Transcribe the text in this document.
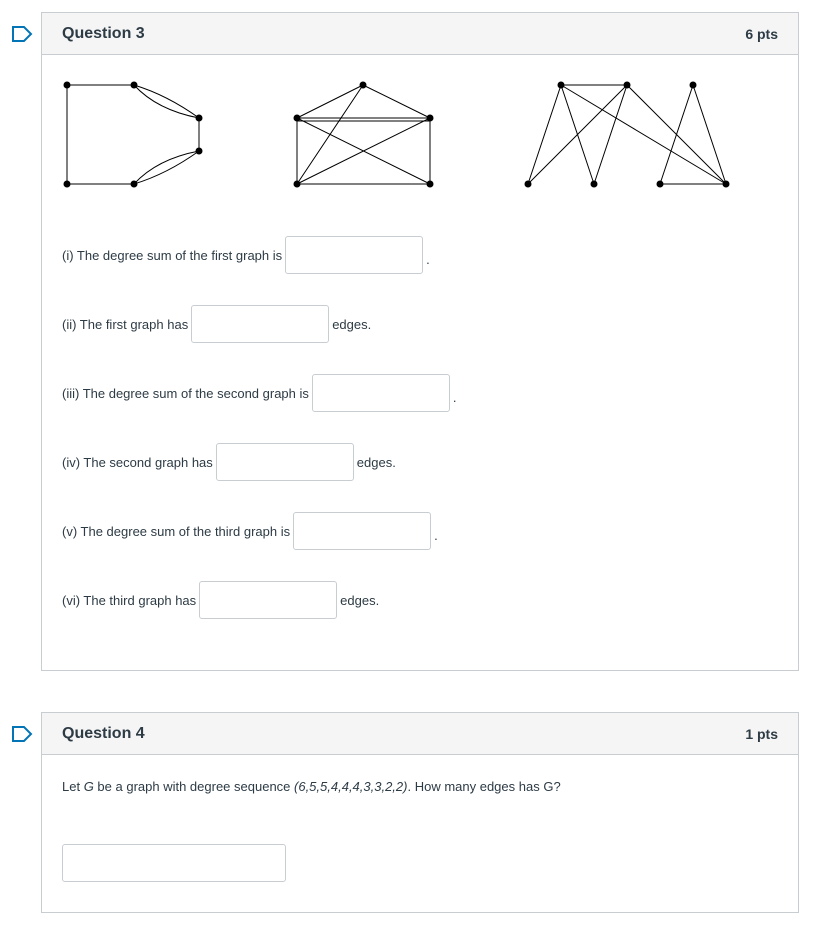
Question 3	6 pts
(i) The degree sum of the first graph is	.
(ii) The first graph has	edges.
(iii) The degree sum of the second graph is	.
(iv) The second graph has	edges.
(v) The degree sum of the third graph is	.
(vi) The third graph has	edges.
Question 4	1 pts
Let G be a graph with degree sequence (6,5,5,4,4,4,3,3,2,2). How many edges has G?
